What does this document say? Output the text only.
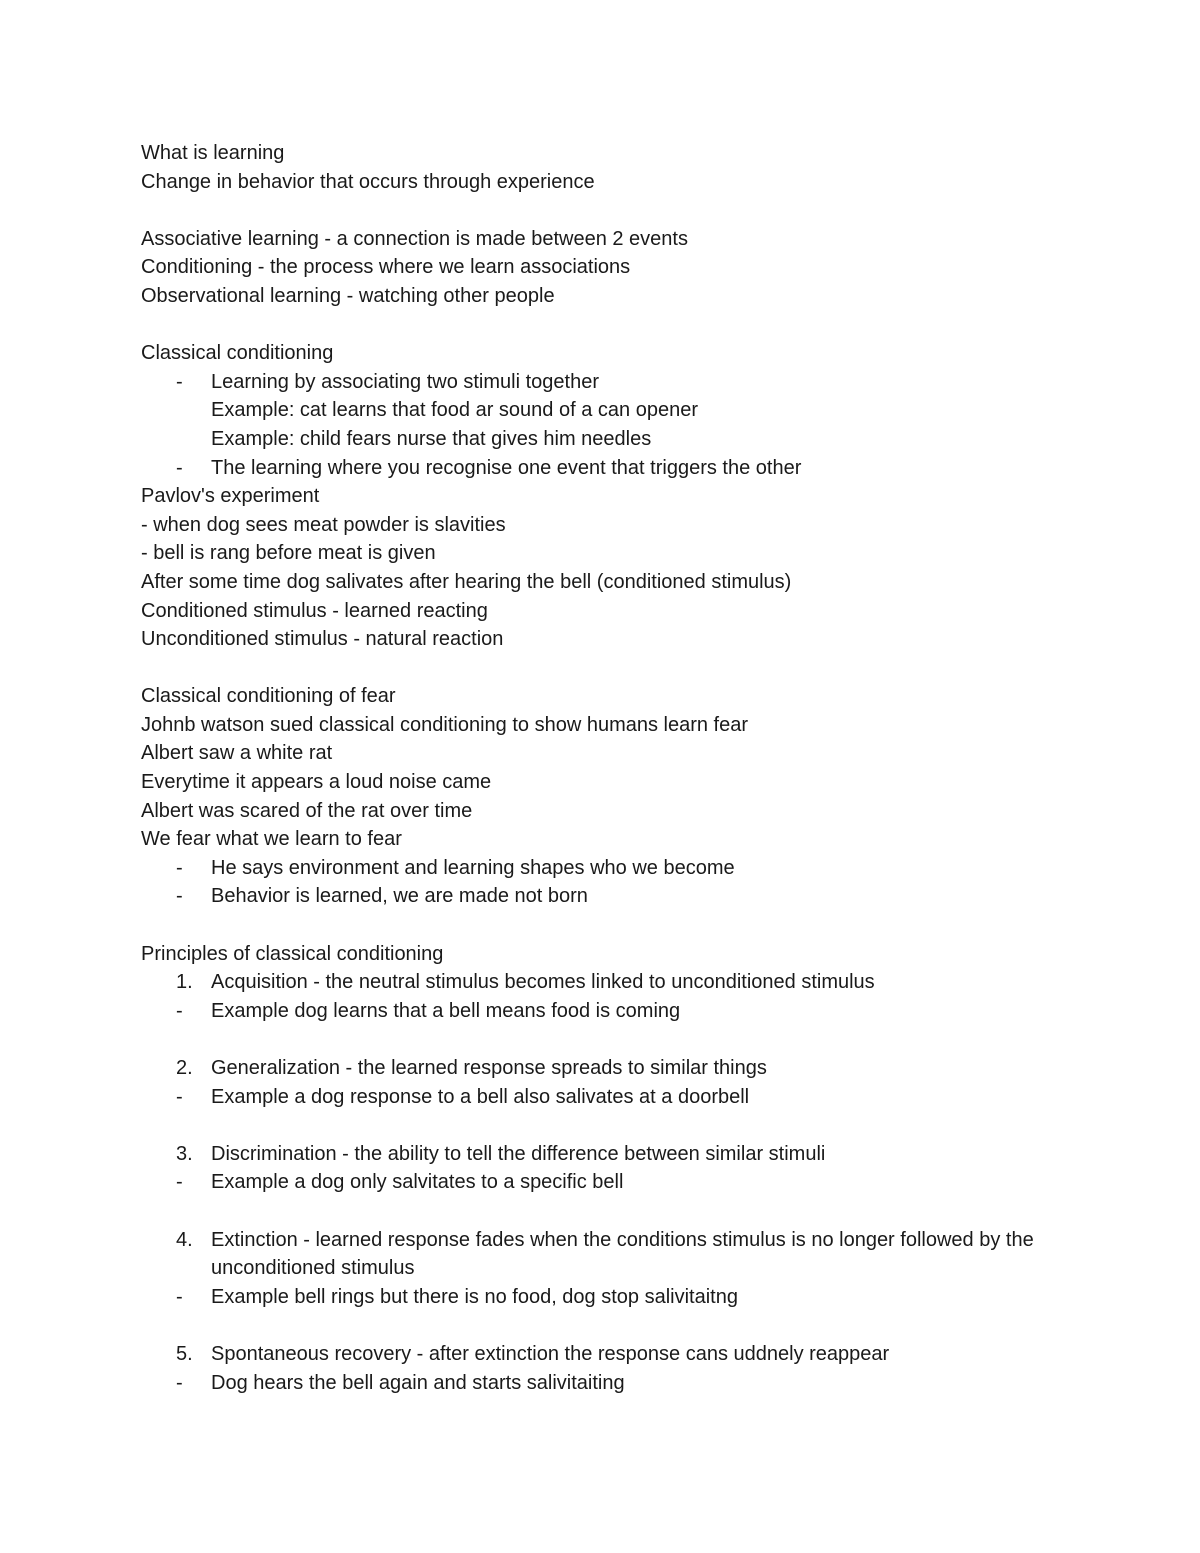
What is learning
Change in behavior that occurs through experience
Associative learning - a connection is made between 2 events
Conditioning - the process where we learn associations
Observational learning - watching other people
Classical conditioning
-	Learning by associating two stimuli together
Example: cat learns that food ar sound of a can opener
Example: child fears nurse that gives him needles
-	The learning where you recognise one event that triggers the other
Pavlov's experiment
- when dog sees meat powder is slavities
- bell is rang before meat is given
After some time dog salivates after hearing the bell (conditioned stimulus)
Conditioned stimulus - learned reacting
Unconditioned stimulus - natural reaction
Classical conditioning of fear
Johnb watson sued classical conditioning to show humans learn fear
Albert saw a white rat
Everytime it appears a loud noise came
Albert was scared of the rat over time
We fear what we learn to fear
-	He says environment and learning shapes who we become
-	Behavior is learned, we are made not born
Principles of classical conditioning
1. Acquisition - the neutral stimulus becomes linked to unconditioned stimulus
-	Example dog learns that a bell means food is coming
2. Generalization - the learned response spreads to similar things
-	Example a dog response to a bell also salivates at a doorbell
3. Discrimination - the ability to tell the difference between similar stimuli
-	Example a dog only salvitates to a specific bell
4. Extinction - learned response fades when the conditions stimulus is no longer followed by the unconditioned stimulus
-	Example bell rings but there is no food, dog stop salivitaitng
5. Spontaneous recovery - after extinction the response cans uddnely reappear
-	Dog hears the bell again and starts salivitaiting
